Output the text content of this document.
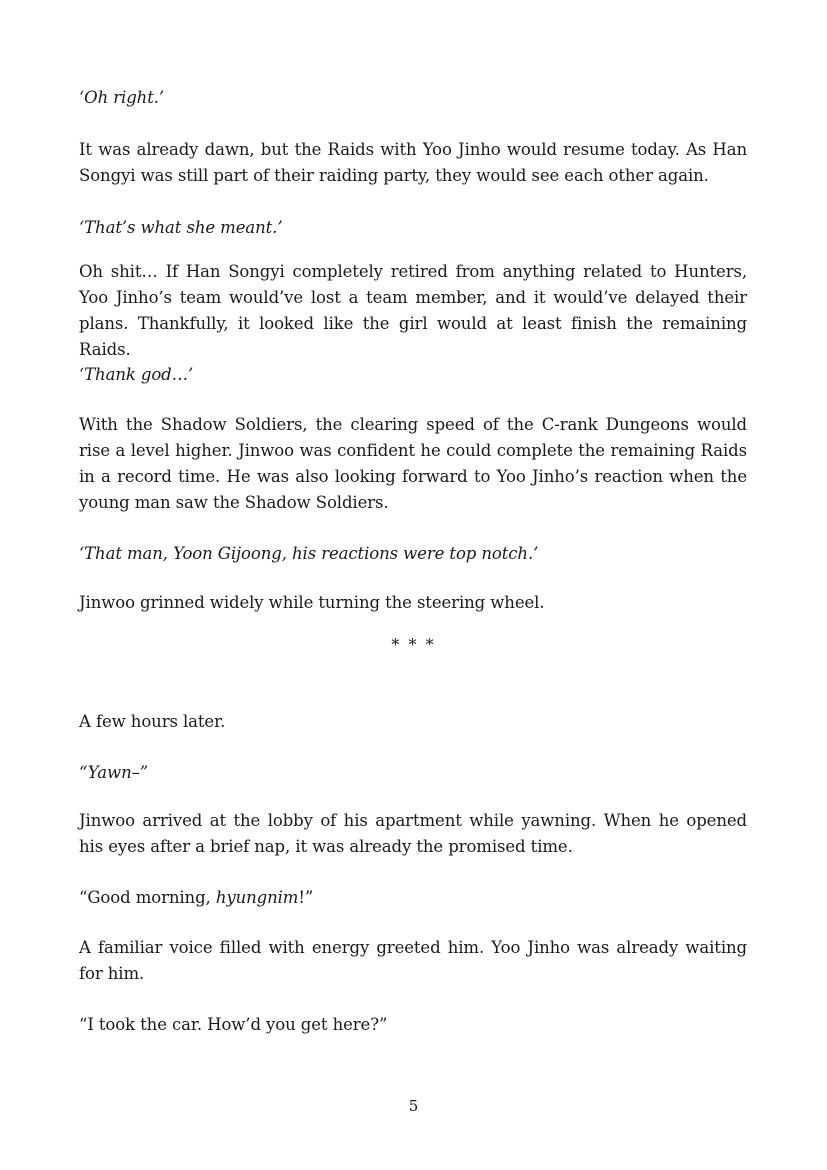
‘Oh right.’

It was already dawn, but the Raids with Yoo Jinho would resume today. As Han Songyi was still part of their raiding party, they would see each other again.

‘That’s what she meant.’

Oh shit… If Han Songyi completely retired from anything related to Hunters, Yoo Jinho’s team would’ve lost a team member, and it would’ve delayed their plans. Thankfully, it looked like the girl would at least finish the remaining Raids.

‘Thank god…’

With the Shadow Soldiers, the clearing speed of the C-rank Dungeons would rise a level higher. Jinwoo was confident he could complete the remaining Raids in a record time. He was also looking forward to Yoo Jinho’s reaction when the young man saw the Shadow Soldiers.

‘That man, Yoon Gijoong, his reactions were top notch.’

Jinwoo grinned widely while turning the steering wheel.

* * *

A few hours later.

“Yawn–”

Jinwoo arrived at the lobby of his apartment while yawning. When he opened his eyes after a brief nap, it was already the promised time.

“Good morning, hyungnim!”

A familiar voice filled with energy greeted him. Yoo Jinho was already waiting for him.

“I took the car. How’d you get here?”

5
